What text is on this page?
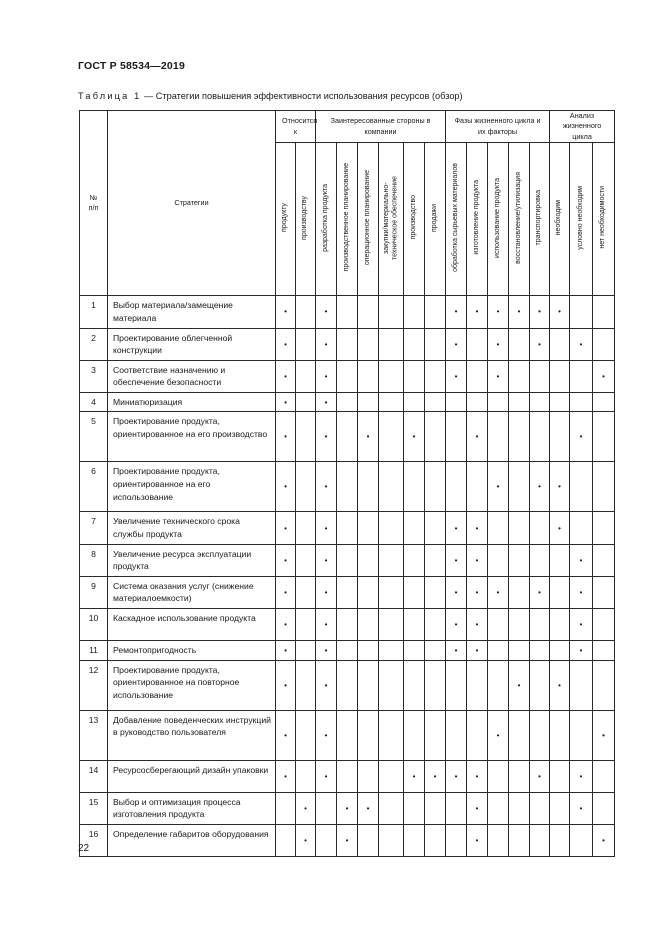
ГОСТ Р 58534—2019
Таблица 1 — Стратегии повышения эффективности использования ресурсов (обзор)
№ п/п	Стратегии	Относится к		Заинтересованные стороны в компании						Фазы жизненного цикла и их факторы					Анализ жизненного цикла		
		продукту	производству	разработка продукта	производственное планирование	операционное планирование	закупки/материально-техническое обеспечение	производство	продажи	обработка сырьевых материалов	изготовление продукта	использование продукта	восстановление/утилизация	транспортировка	необходим	условно необходим	нет необходимости
1	Выбор материала/замещение материала	•		•						•	•	•	•	•	•		
2	Проектирование облегченной конструкции	•		•						•		•		•		•	
3	Соответствие назначению и обеспечение безопасности	•		•						•		•					•
4	Миниатюризация	•		•													
5	Проектирование продукта, ориентированное на его производство	•		•		•		•			•					•	
6	Проектирование продукта, ориентированное на его использование	•		•								•		•	•		
7	Увеличение технического срока службы продукта	•		•						•	•				•		
8	Увеличение ресурса эксплуатации продукта	•		•						•	•					•	
9	Система оказания услуг (снижение материалоемкости)	•		•						•	•	•		•		•	
10	Каскадное использование продукта	•		•						•	•					•	
11	Ремонтопригодность	•		•						•	•					•	
12	Проектирование продукта, ориентированное на повторное использование	•		•									•		•		
13	Добавление поведенческих инструкций в руководство пользователя	•		•								•					•
14	Ресурсосберегающий дизайн упаковки	•		•				•	•	•	•			•		•	
15	Выбор и оптимизация процесса изготовления продукта		•		•	•					•					•	
16	Определение габаритов оборудования		•		•						•						•
22
